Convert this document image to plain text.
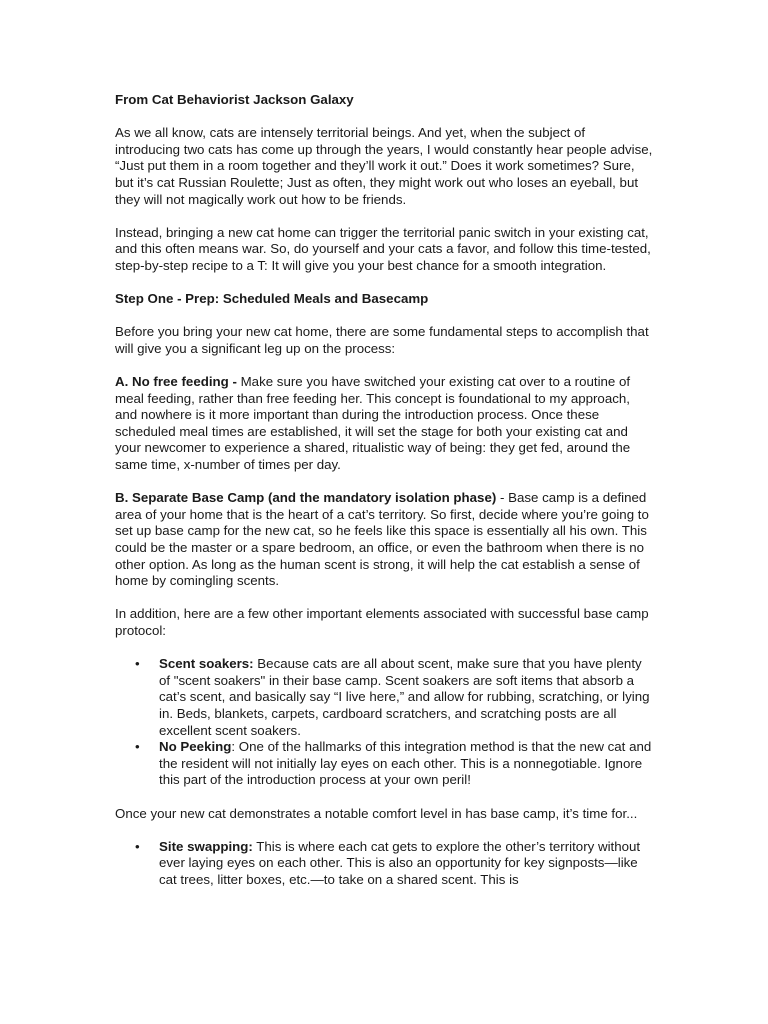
From Cat Behaviorist Jackson Galaxy

As we all know, cats are intensely territorial beings. And yet, when the subject of introducing two cats has come up through the years, I would constantly hear people advise, “Just put them in a room together and they’ll work it out.” Does it work sometimes? Sure, but it’s cat Russian Roulette; Just as often, they might work out who loses an eyeball, but they will not magically work out how to be friends.

Instead, bringing a new cat home can trigger the territorial panic switch in your existing cat, and this often means war. So, do yourself and your cats a favor, and follow this time-tested, step-by-step recipe to a T: It will give you your best chance for a smooth integration.

Step One - Prep: Scheduled Meals and Basecamp

Before you bring your new cat home, there are some fundamental steps to accomplish that will give you a significant leg up on the process:

A. No free feeding - Make sure you have switched your existing cat over to a routine of meal feeding, rather than free feeding her. This concept is foundational to my approach, and nowhere is it more important than during the introduction process. Once these scheduled meal times are established, it will set the stage for both your existing cat and your newcomer to experience a shared, ritualistic way of being: they get fed, around the same time, x-number of times per day.

B. Separate Base Camp (and the mandatory isolation phase) - Base camp is a defined area of your home that is the heart of a cat’s territory. So first, decide where you’re going to set up base camp for the new cat, so he feels like this space is essentially all his own. This could be the master or a spare bedroom, an office, or even the bathroom when there is no other option. As long as the human scent is strong, it will help the cat establish a sense of home by comingling scents.

In addition, here are a few other important elements associated with successful base camp protocol:

• Scent soakers: Because cats are all about scent, make sure that you have plenty of "scent soakers" in their base camp. Scent soakers are soft items that absorb a cat’s scent, and basically say “I live here,” and allow for rubbing, scratching, or lying in. Beds, blankets, carpets, cardboard scratchers, and scratching posts are all excellent scent soakers.
• No Peeking: One of the hallmarks of this integration method is that the new cat and the resident will not initially lay eyes on each other. This is a nonnegotiable. Ignore this part of the introduction process at your own peril!

Once your new cat demonstrates a notable comfort level in has base camp, it’s time for...

• Site swapping: This is where each cat gets to explore the other’s territory without ever laying eyes on each other. This is also an opportunity for key signposts—like cat trees, litter boxes, etc.—to take on a shared scent. This is
